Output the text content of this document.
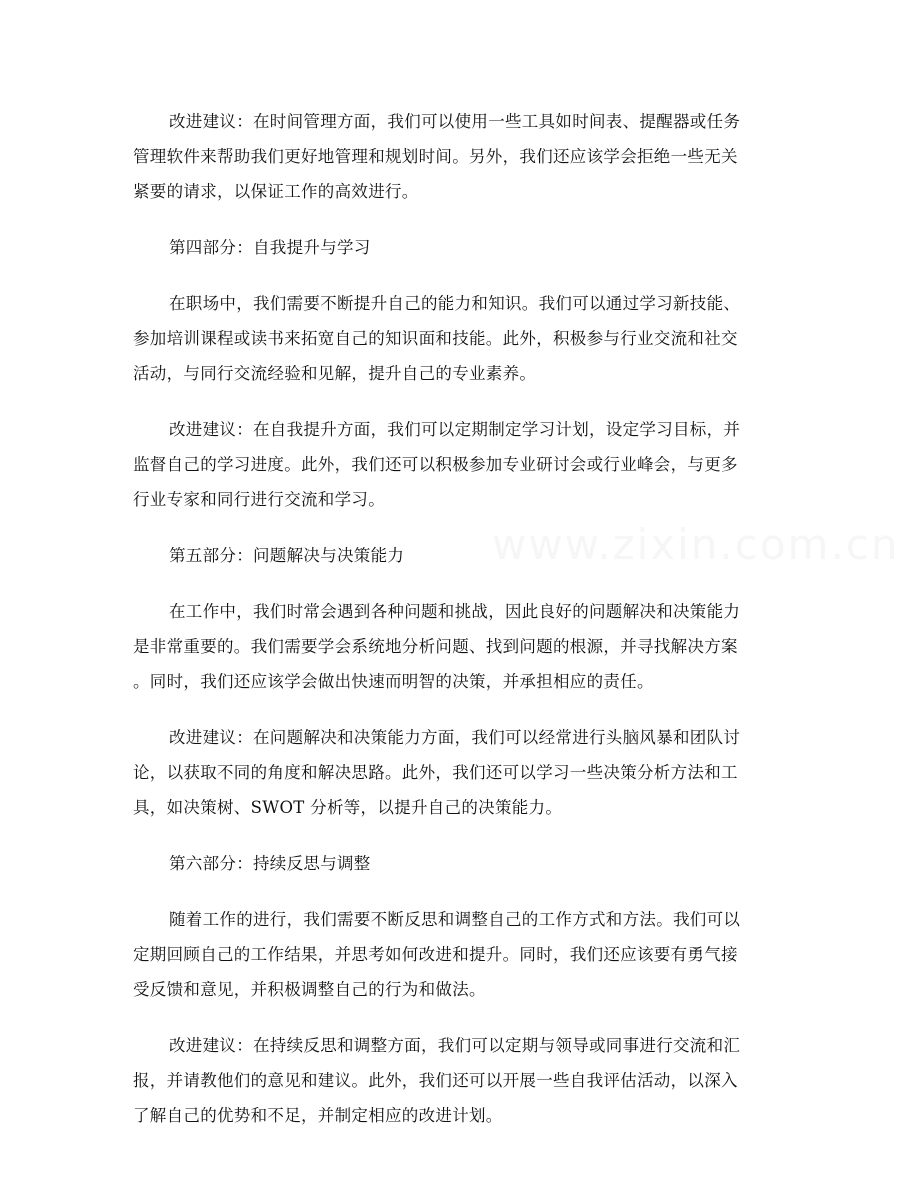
www.zixin.com.cn

改进建议：在时间管理方面，我们可以使用一些工具如时间表、提醒器或任务
管理软件来帮助我们更好地管理和规划时间。另外，我们还应该学会拒绝一些无关
紧要的请求，以保证工作的高效进行。

第四部分：自我提升与学习

在职场中，我们需要不断提升自己的能力和知识。我们可以通过学习新技能、
参加培训课程或读书来拓宽自己的知识面和技能。此外，积极参与行业交流和社交
活动，与同行交流经验和见解，提升自己的专业素养。

改进建议：在自我提升方面，我们可以定期制定学习计划，设定学习目标，并
监督自己的学习进度。此外，我们还可以积极参加专业研讨会或行业峰会，与更多
行业专家和同行进行交流和学习。

第五部分：问题解决与决策能力

在工作中，我们时常会遇到各种问题和挑战，因此良好的问题解决和决策能力
是非常重要的。我们需要学会系统地分析问题、找到问题的根源，并寻找解决方案
。同时，我们还应该学会做出快速而明智的决策，并承担相应的责任。

改进建议：在问题解决和决策能力方面，我们可以经常进行头脑风暴和团队讨
论，以获取不同的角度和解决思路。此外，我们还可以学习一些决策分析方法和工
具，如决策树、SWOT 分析等，以提升自己的决策能力。

第六部分：持续反思与调整

随着工作的进行，我们需要不断反思和调整自己的工作方式和方法。我们可以
定期回顾自己的工作结果，并思考如何改进和提升。同时，我们还应该要有勇气接
受反馈和意见，并积极调整自己的行为和做法。

改进建议：在持续反思和调整方面，我们可以定期与领导或同事进行交流和汇
报，并请教他们的意见和建议。此外，我们还可以开展一些自我评估活动，以深入
了解自己的优势和不足，并制定相应的改进计划。
